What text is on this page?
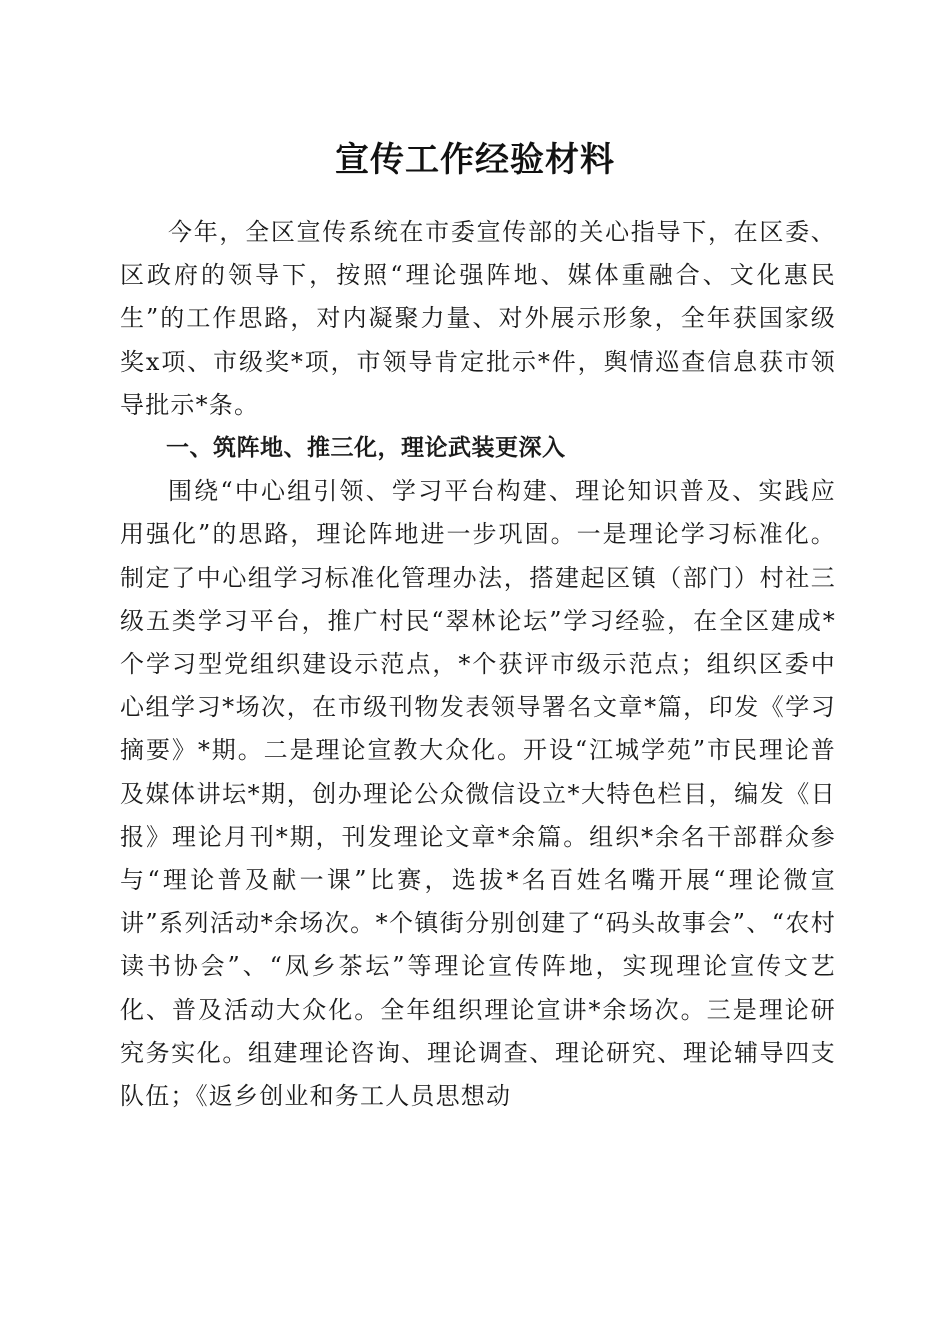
宣传工作经验材料

今年，全区宣传系统在市委宣传部的关心指导下，在区委、区政府的领导下，按照“理论强阵地、媒体重融合、文化惠民生”的工作思路，对内凝聚力量、对外展示形象，全年获国家级奖x项、市级奖*项，市领导肯定批示*件，舆情巡查信息获市领导批示*条。

一、筑阵地、推三化，理论武装更深入

围绕“中心组引领、学习平台构建、理论知识普及、实践应用强化”的思路，理论阵地进一步巩固。一是理论学习标准化。制定了中心组学习标准化管理办法，搭建起区镇（部门）村社三级五类学习平台，推广村民“翠林论坛”学习经验，在全区建成*个学习型党组织建设示范点，*个获评市级示范点；组织区委中心组学习*场次，在市级刊物发表领导署名文章*篇，印发《学习摘要》*期。二是理论宣教大众化。开设“江城学苑”市民理论普及媒体讲坛*期，创办理论公众微信设立*大特色栏目，编发《日报》理论月刊*期，刊发理论文章*余篇。组织*余名干部群众参与“理论普及献一课”比赛，选拔*名百姓名嘴开展“理论微宣讲”系列活动*余场次。*个镇街分别创建了“码头故事会”、“农村读书协会”、“凤乡茶坛”等理论宣传阵地，实现理论宣传文艺化、普及活动大众化。全年组织理论宣讲*余场次。三是理论研究务实化。组建理论咨询、理论调查、理论研究、理论辅导四支队伍；《返乡创业和务工人员思想动
